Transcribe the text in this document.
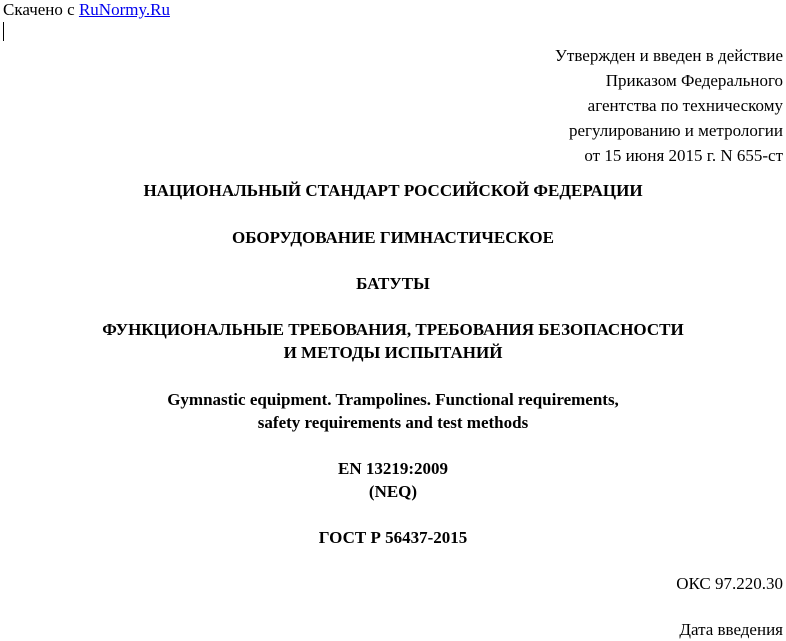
Скачено с RuNormy.Ru
Утвержден и введен в действие
Приказом Федерального
агентства по техническому
регулированию и метрологии
от 15 июня 2015 г. N 655-ст
НАЦИОНАЛЬНЫЙ СТАНДАРТ РОССИЙСКОЙ ФЕДЕРАЦИИ
ОБОРУДОВАНИЕ ГИМНАСТИЧЕСКОЕ
БАТУТЫ
ФУНКЦИОНАЛЬНЫЕ ТРЕБОВАНИЯ, ТРЕБОВАНИЯ БЕЗОПАСНОСТИ
И МЕТОДЫ ИСПЫТАНИЙ
Gymnastic equipment. Trampolines. Functional requirements,
safety requirements and test methods
EN 13219:2009
(NEQ)
ГОСТ Р 56437-2015
ОКС 97.220.30
Дата введения
